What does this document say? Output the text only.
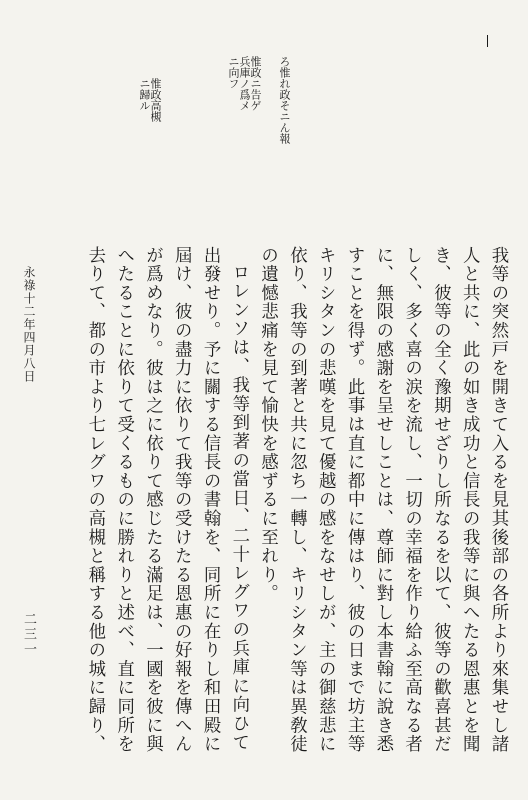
ろ惟れ政そニん報
惟政ニ告ゲ
兵庫ノ爲メ
ニ向フ
惟政高槻
ニ歸ル

我等の突然戸を開きて入るを見其後部の各所より來集せし諸人と共に、此の如き成功と信長の我等に與へたる恩惠とを聞き、彼等の全く豫期せざりし所なるを以て、彼等の歡喜甚だしく、多く喜の涙を流し、一切の幸福を作り給ふ至高なる者に、無限の感謝を呈せしことは、尊師に對し本書翰に說き悉すことを得ず。此事は直に都中に傳はり、彼の日まで坊主等キリシタンの悲嘆を見て優越の感をなせしが、主の御慈悲に依り、我等の到著と共に忽ち一轉し、キリシタン等は異敎徒の遺憾悲痛を見て愉快を感ずるに至れり。

ロレンソは、我等到著の當日、二十レグワの兵庫に向ひて出發せり。予に關する信長の書翰を、同所に在りし和田殿に屆け、彼の盡力に依りて我等の受けたる恩惠の好報を傳へんが爲めなり。彼は之に依りて感じたる滿足は、一國を彼に與へたることに依りて受くるものに勝れりと述べ、直に同所を去りて、都の市より七レグワの高槻と稱する他の城に歸り、

永祿十二年四月八日
二三一
